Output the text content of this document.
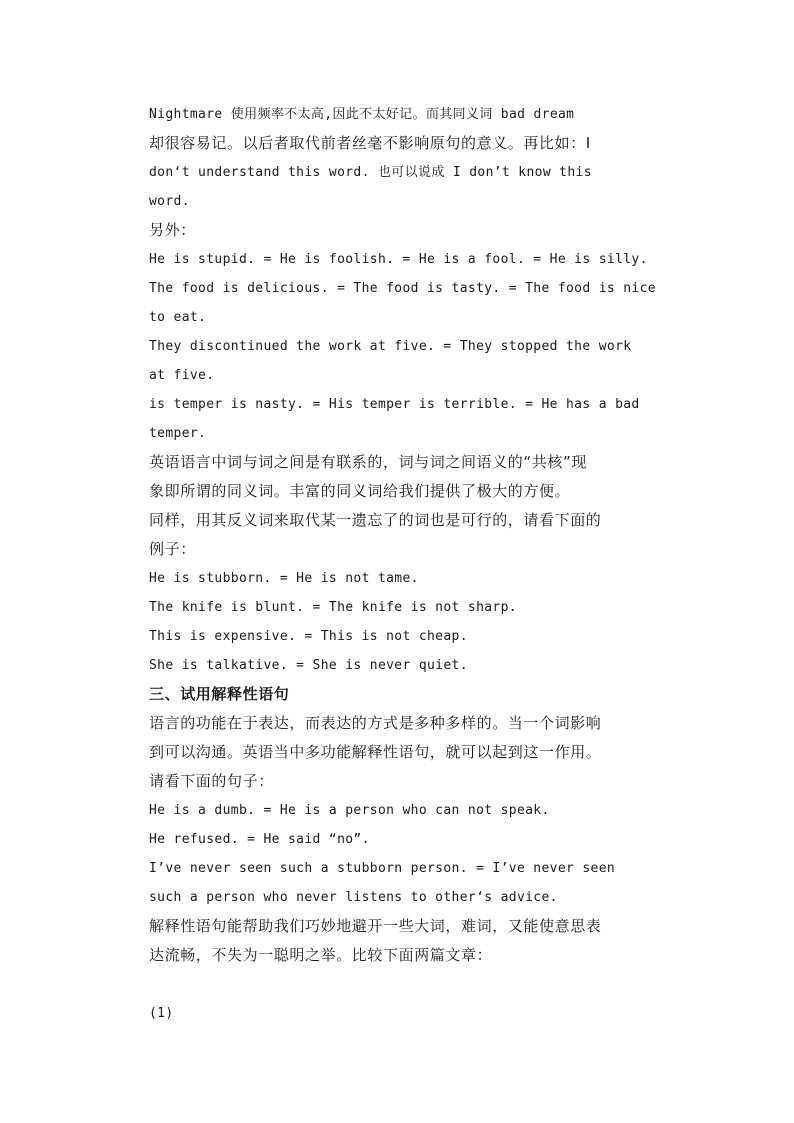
Nightmare 使用频率不太高,因此不太好记。而其同义词 bad dream
却很容易记。以后者取代前者丝毫不影响原句的意义。再比如：I
don‘t understand this word. 也可以说成 I don’t know this
word.
另外：
He is stupid. = He is foolish. = He is a fool. = He is silly.
The food is delicious. = The food is tasty. = The food is nice
to eat.
They discontinued the work at five. = They stopped the work
at five.
is temper is nasty. = His temper is terrible. = He has a bad
temper.
英语语言中词与词之间是有联系的，词与词之间语义的“共核”现
象即所谓的同义词。丰富的同义词给我们提供了极大的方便。
同样，用其反义词来取代某一遗忘了的词也是可行的，请看下面的
例子：
He is stubborn. = He is not tame.
The knife is blunt. = The knife is not sharp.
This is expensive. = This is not cheap.
She is talkative. = She is never quiet.
三、试用解释性语句
语言的功能在于表达，而表达的方式是多种多样的。当一个词影响
到可以沟通。英语当中多功能解释性语句，就可以起到这一作用。
请看下面的句子：
He is a dumb. = He is a person who can not speak.
He refused. = He said “no”.
I’ve never seen such a stubborn person. = I’ve never seen
such a person who never listens to other‘s advice.
解释性语句能帮助我们巧妙地避开一些大词，难词，又能使意思表
达流畅，不失为一聪明之举。比较下面两篇文章：
(1)
